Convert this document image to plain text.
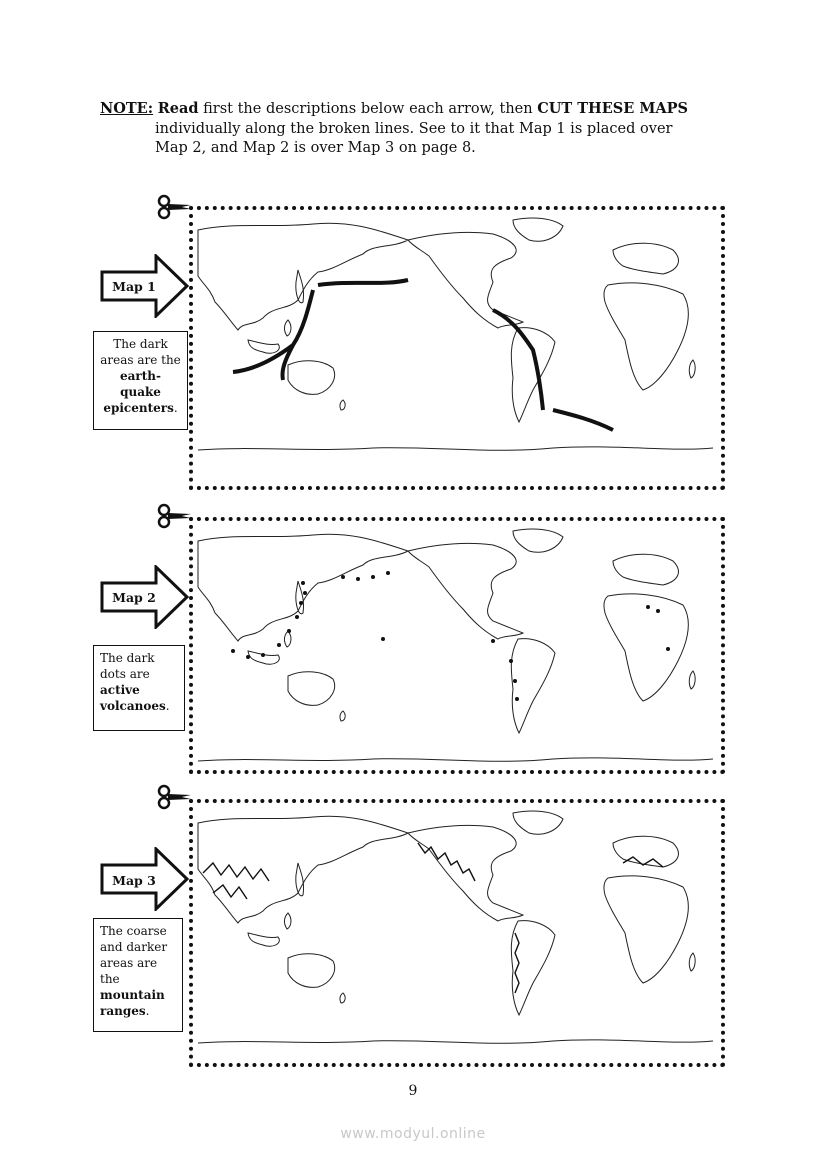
NOTE: Read first the descriptions below each arrow, then CUT THESE MAPS
individually along the broken lines. See to it that Map 1 is placed over
Map 2, and Map 2 is over Map 3 on page 8.
Map 1
The dark areas are the earth-quake epicenters.
Map 2
The dark dots are active volcanoes.
Map 3
The coarse and darker areas are the mountain ranges.
9
www.modyul.online
